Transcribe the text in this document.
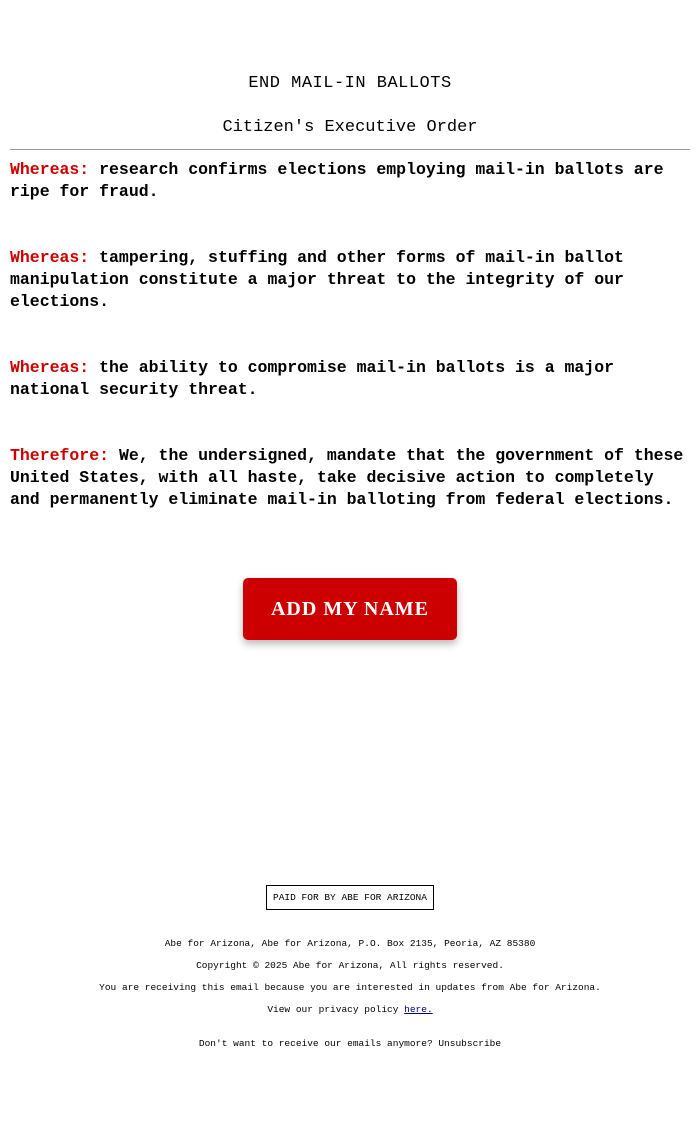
END MAIL-IN BALLOTS
Citizen's Executive Order

Whereas: research confirms elections employing mail-in ballots are ripe for fraud.

Whereas: tampering, stuffing and other forms of mail-in ballot manipulation constitute a major threat to the integrity of our elections.

Whereas: the ability to compromise mail-in ballots is a major national security threat.

Therefore: We, the undersigned, mandate that the government of these United States, with all haste, take decisive action to completely and permanently eliminate mail-in balloting from federal elections.

ADD MY NAME
PAID FOR BY ABE FOR ARIZONA
Abe for Arizona, Abe for Arizona, P.O. Box 2135, Peoria, AZ 85380
Copyright © 2025 Abe for Arizona, All rights reserved.
You are receiving this email because you are interested in updates from Abe for Arizona.
View our privacy policy here.
Don't want to receive our emails anymore? Unsubscribe
